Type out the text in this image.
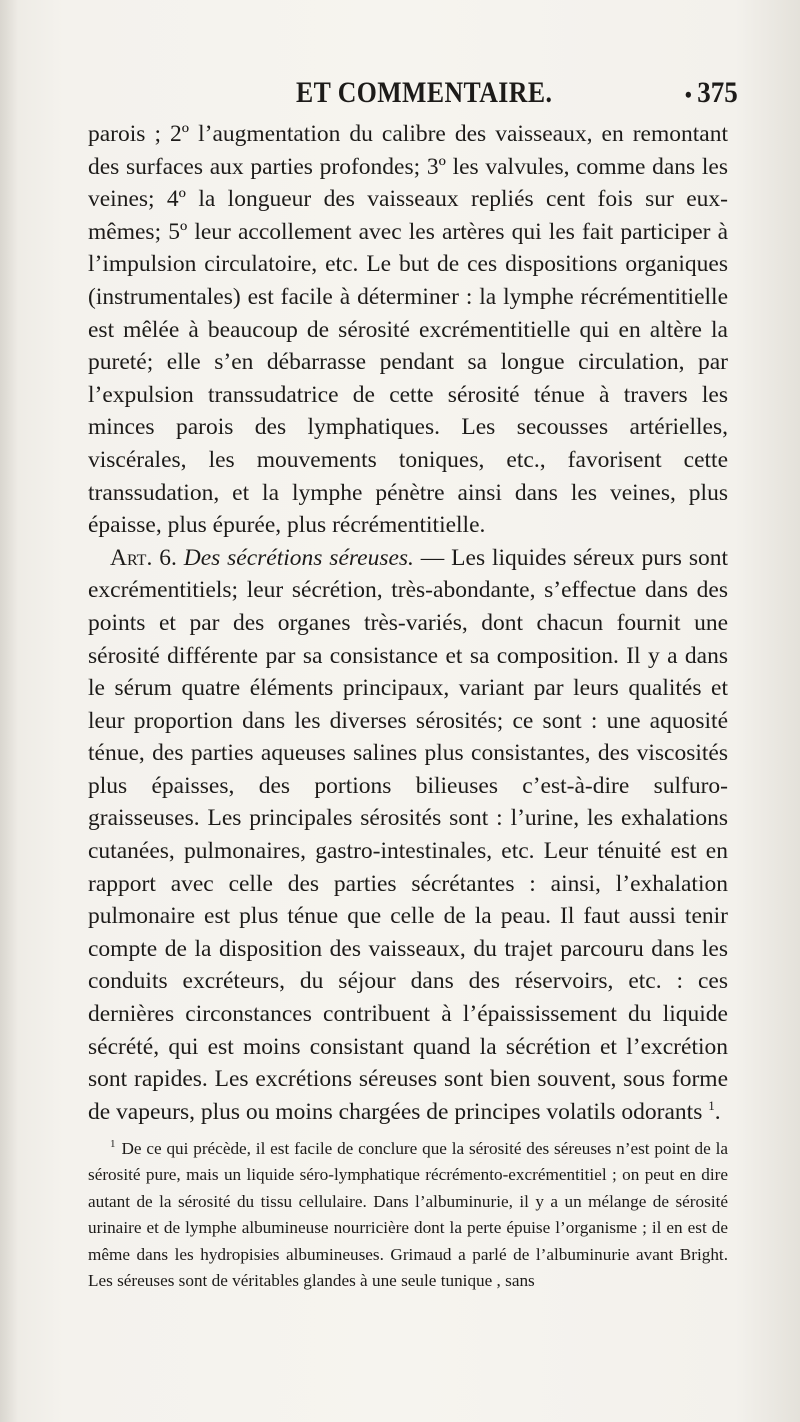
ET COMMENTAIRE.	• 375

parois ; 2º l’augmentation du calibre des vaisseaux, en remontant des surfaces aux parties profondes; 3º les valvules, comme dans les veines; 4º la longueur des vaisseaux repliés cent fois sur eux-mêmes; 5º leur accollement avec les artères qui les fait participer à l’impulsion circulatoire, etc. Le but de ces dispositions organiques (instrumentales) est facile à déterminer : la lymphe récrémentitielle est mêlée à beaucoup de sérosité excrémentitielle qui en altère la pureté; elle s’en débarrasse pendant sa longue circulation, par l’expulsion transsudatrice de cette sérosité ténue à travers les minces parois des lymphatiques. Les secousses artérielles, viscérales, les mouvements toniques, etc., favorisent cette transsudation, et la lymphe pénètre ainsi dans les veines, plus épaisse, plus épurée, plus récrémentitielle.

Art. 6. Des sécrétions séreuses. — Les liquides séreux purs sont excrémentitiels; leur sécrétion, très-abondante, s’effectue dans des points et par des organes très-variés, dont chacun fournit une sérosité différente par sa consistance et sa composition. Il y a dans le sérum quatre éléments principaux, variant par leurs qualités et leur proportion dans les diverses sérosités; ce sont : une aquosité ténue, des parties aqueuses salines plus consistantes, des viscosités plus épaisses, des portions bilieuses c’est-à-dire sulfuro-graisseuses. Les principales sérosités sont : l’urine, les exhalations cutanées, pulmonaires, gastro-intestinales, etc. Leur ténuité est en rapport avec celle des parties sécrétantes : ainsi, l’exhalation pulmonaire est plus ténue que celle de la peau. Il faut aussi tenir compte de la disposition des vaisseaux, du trajet parcouru dans les conduits excréteurs, du séjour dans des réservoirs, etc. : ces dernières circonstances contribuent à l’épaississement du liquide sécrété, qui est moins consistant quand la sécrétion et l’excrétion sont rapides. Les excrétions séreuses sont bien souvent, sous forme de vapeurs, plus ou moins chargées de principes volatils odorants $^1$.

$^1$ De ce qui précède, il est facile de conclure que la sérosité des séreuses n’est point de la sérosité pure, mais un liquide séro-lymphatique récrémento-excrémentitiel ; on peut en dire autant de la sérosité du tissu cellulaire. Dans l’albuminurie, il y a un mélange de sérosité urinaire et de lymphe albumineuse nourricière dont la perte épuise l’organisme ; il en est de même dans les hydropisies albumineuses. Grimaud a parlé de l’albuminurie avant Bright. Les séreuses sont de véritables glandes à une seule tunique , sans
